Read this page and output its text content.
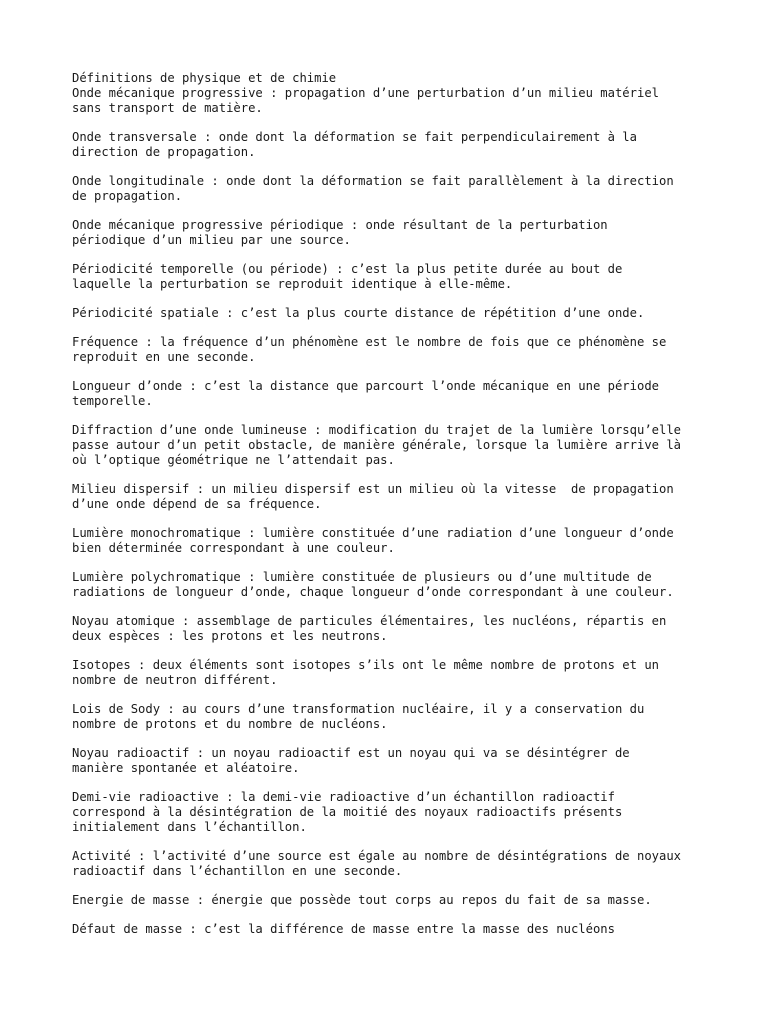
Définitions de physique et de chimie
Onde mécanique progressive : propagation d’une perturbation d’un milieu matériel
sans transport de matière.
Onde transversale : onde dont la déformation se fait perpendiculairement à la
direction de propagation.
Onde longitudinale : onde dont la déformation se fait parallèlement à la direction
de propagation.
Onde mécanique progressive périodique : onde résultant de la perturbation
périodique d’un milieu par une source.
Périodicité temporelle (ou période) : c’est la plus petite durée au bout de
laquelle la perturbation se reproduit identique à elle-même.
Périodicité spatiale : c’est la plus courte distance de répétition d’une onde.
Fréquence : la fréquence d’un phénomène est le nombre de fois que ce phénomène se
reproduit en une seconde.
Longueur d’onde : c’est la distance que parcourt l’onde mécanique en une période
temporelle.
Diffraction d’une onde lumineuse : modification du trajet de la lumière lorsqu’elle
passe autour d’un petit obstacle, de manière générale, lorsque la lumière arrive là
où l’optique géométrique ne l’attendait pas.
Milieu dispersif : un milieu dispersif est un milieu où la vitesse  de propagation
d’une onde dépend de sa fréquence.
Lumière monochromatique : lumière constituée d’une radiation d’une longueur d’onde
bien déterminée correspondant à une couleur.
Lumière polychromatique : lumière constituée de plusieurs ou d’une multitude de
radiations de longueur d’onde, chaque longueur d’onde correspondant à une couleur.
Noyau atomique : assemblage de particules élémentaires, les nucléons, répartis en
deux espèces : les protons et les neutrons.
Isotopes : deux éléments sont isotopes s’ils ont le même nombre de protons et un
nombre de neutron différent.
Lois de Sody : au cours d’une transformation nucléaire, il y a conservation du
nombre de protons et du nombre de nucléons.
Noyau radioactif : un noyau radioactif est un noyau qui va se désintégrer de
manière spontanée et aléatoire.
Demi-vie radioactive : la demi-vie radioactive d’un échantillon radioactif
correspond à la désintégration de la moitié des noyaux radioactifs présents
initialement dans l’échantillon.
Activité : l’activité d’une source est égale au nombre de désintégrations de noyaux
radioactif dans l’échantillon en une seconde.
Energie de masse : énergie que possède tout corps au repos du fait de sa masse.
Défaut de masse : c’est la différence de masse entre la masse des nucléons
